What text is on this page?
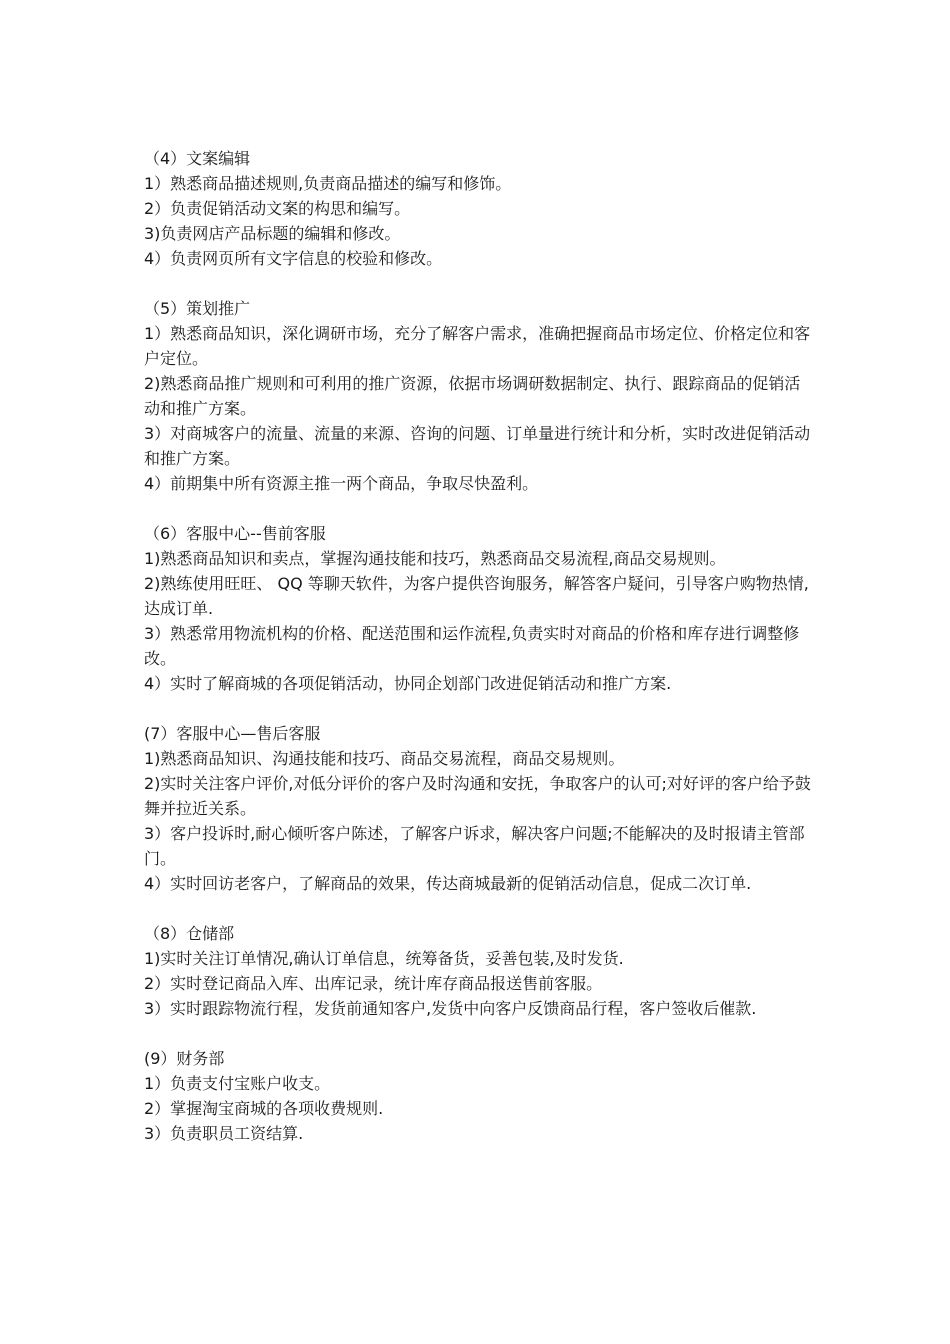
（4）文案编辑

1）熟悉商品描述规则,负责商品描述的编写和修饰。

2）负责促销活动文案的构思和编写。

3)负责网店产品标题的编辑和修改。

4）负责网页所有文字信息的校验和修改。

（5）策划推广

1）熟悉商品知识，深化调研市场，充分了解客户需求，准确把握商品市场定位、价格定位和客户定位。

2)熟悉商品推广规则和可利用的推广资源，依据市场调研数据制定、执行、跟踪商品的促销活动和推广方案。

3）对商城客户的流量、流量的来源、咨询的问题、订单量进行统计和分析，实时改进促销活动和推广方案。

4）前期集中所有资源主推一两个商品，争取尽快盈利。

（6）客服中心--售前客服

1)熟悉商品知识和卖点，掌握沟通技能和技巧，熟悉商品交易流程,商品交易规则。

2)熟练使用旺旺、 QQ 等聊天软件，为客户提供咨询服务，解答客户疑问，引导客户购物热情,达成订单.

3）熟悉常用物流机构的价格、配送范围和运作流程,负责实时对商品的价格和库存进行调整修改。

4）实时了解商城的各项促销活动，协同企划部门改进促销活动和推广方案.

(7）客服中心—售后客服

1)熟悉商品知识、沟通技能和技巧、商品交易流程，商品交易规则。

2)实时关注客户评价,对低分评价的客户及时沟通和安抚，争取客户的认可;对好评的客户给予鼓舞并拉近关系。

3）客户投诉时,耐心倾听客户陈述，了解客户诉求，解决客户问题;不能解决的及时报请主管部门。

4）实时回访老客户，了解商品的效果，传达商城最新的促销活动信息，促成二次订单.

（8）仓储部

1)实时关注订单情况,确认订单信息，统筹备货，妥善包装,及时发货.

2）实时登记商品入库、出库记录，统计库存商品报送售前客服。

3）实时跟踪物流行程，发货前通知客户,发货中向客户反馈商品行程，客户签收后催款.

(9）财务部

1）负责支付宝账户收支。

2）掌握淘宝商城的各项收费规则.

3）负责职员工资结算.
